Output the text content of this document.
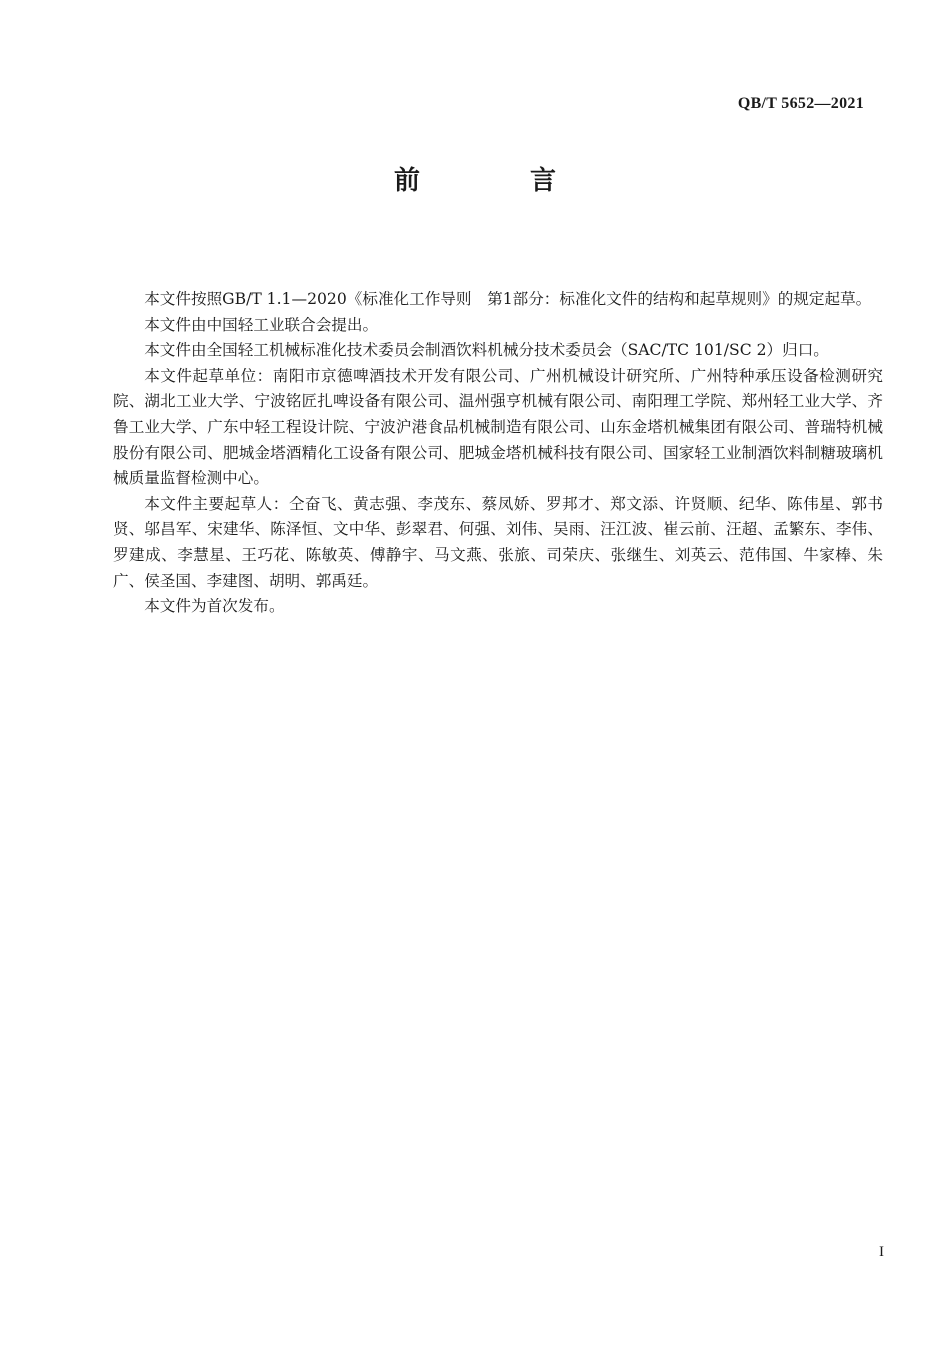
QB/T 5652—2021
前　言

本文件按照GB/T 1.1—2020《标准化工作导则　第1部分：标准化文件的结构和起草规则》的规定起草。

本文件由中国轻工业联合会提出。

本文件由全国轻工机械标准化技术委员会制酒饮料机械分技术委员会（SAC/TC 101/SC 2）归口。

本文件起草单位：南阳市京德啤酒技术开发有限公司、广州机械设计研究所、广州特种承压设备检测研究院、湖北工业大学、宁波铭匠扎啤设备有限公司、温州强亨机械有限公司、南阳理工学院、郑州轻工业大学、齐鲁工业大学、广东中轻工程设计院、宁波沪港食品机械制造有限公司、山东金塔机械集团有限公司、普瑞特机械股份有限公司、肥城金塔酒精化工设备有限公司、肥城金塔机械科技有限公司、国家轻工业制酒饮料制糖玻璃机械质量监督检测中心。

本文件主要起草人：仝奋飞、黄志强、李茂东、蔡凤娇、罗邦才、郑文添、许贤顺、纪华、陈伟星、郭书贤、邬昌军、宋建华、陈泽恒、文中华、彭翠君、何强、刘伟、吴雨、汪江波、崔云前、汪超、孟繁东、李伟、罗建成、李慧星、王巧花、陈敏英、傅静宇、马文燕、张旅、司荣庆、张继生、刘英云、范伟国、牛家棒、朱广、侯圣国、李建图、胡明、郭禹廷。

本文件为首次发布。

I
